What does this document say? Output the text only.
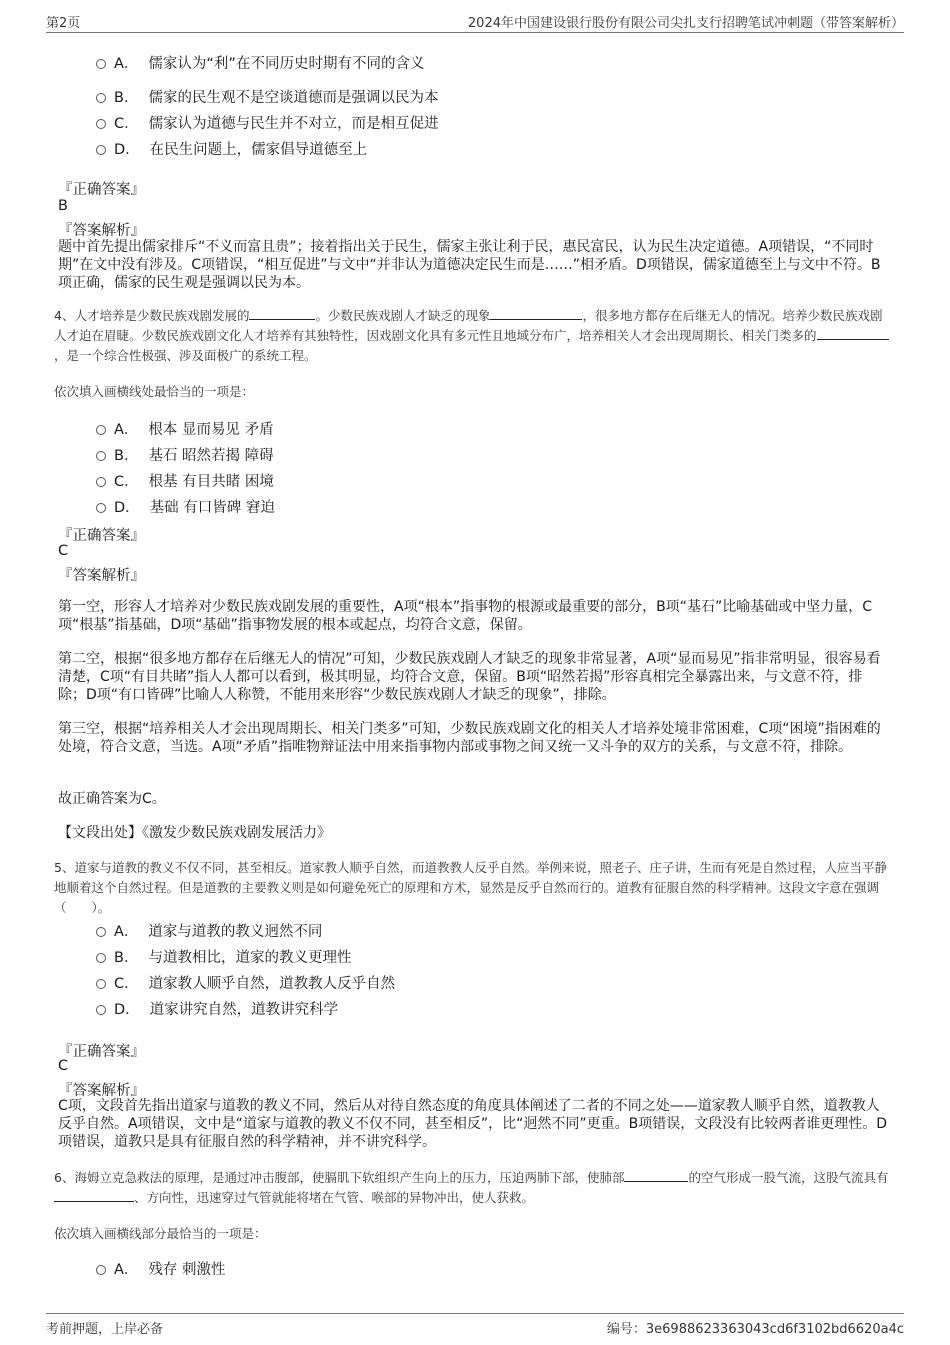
第2页	2024年中国建设银行股份有限公司尖扎支行招聘笔试冲刺题（带答案解析）
A． 儒家认为“利”在不同历史时期有不同的含义
B． 儒家的民生观不是空谈道德而是强调以民为本
C． 儒家认为道德与民生并不对立，而是相互促进
D． 在民生问题上，儒家倡导道德至上
『正确答案』
B
『答案解析』
题中首先提出儒家排斥“不义而富且贵”；接着指出关于民生，儒家主张让利于民，惠民富民，认为民生决定道德。A项错误，“不同时期”在文中没有涉及。C项错误，“相互促进”与文中“并非认为道德决定民生而是……”相矛盾。D项错误，儒家道德至上与文中不符。B项正确，儒家的民生观是强调以民为本。
4、人才培养是少数民族戏剧发展的	。少数民族戏剧人才缺乏的现象	，很多地方都存在后继无人的情况。培养少数民族戏剧人才迫在眉睫。少数民族戏剧文化人才培养有其独特性，因戏剧文化具有多元性且地域分布广，培养相关人才会出现周期长、相关门类多的，是一个综合性极强、涉及面极广的系统工程。
依次填入画横线处最恰当的一项是：
A． 根本 显而易见 矛盾
B． 基石 昭然若揭 障碍
C． 根基 有目共睹 困境
D． 基础 有口皆碑 窘迫
『正确答案』
C
『答案解析』
第一空，形容人才培养对少数民族戏剧发展的重要性，A项“根本”指事物的根源或最重要的部分，B项“基石”比喻基础或中坚力量，C项“根基”指基础，D项“基础”指事物发展的根本或起点，均符合文意，保留。
第二空，根据“很多地方都存在后继无人的情况”可知，少数民族戏剧人才缺乏的现象非常显著，A项“显而易见”指非常明显，很容易看清楚，C项“有目共睹”指人人都可以看到，极其明显，均符合文意，保留。B项“昭然若揭”形容真相完全暴露出来，与文意不符，排除；D项“有口皆碑”比喻人人称赞，不能用来形容“少数民族戏剧人才缺乏的现象”，排除。
第三空，根据“培养相关人才会出现周期长、相关门类多”可知，少数民族戏剧文化的相关人才培养处境非常困难，C项“困境”指困难的处境，符合文意，当选。A项“矛盾”指唯物辩证法中用来指事物内部或事物之间又统一又斗争的双方的关系，与文意不符，排除。
故正确答案为C。
【文段出处】《激发少数民族戏剧发展活力》
5、道家与道教的教义不仅不同，甚至相反。道家教人顺乎自然，而道教教人反乎自然。举例来说，照老子、庄子讲，生而有死是自然过程，人应当平静地顺着这个自然过程。但是道教的主要教义则是如何避免死亡的原理和方术，显然是反乎自然而行的。道教有征服自然的科学精神。这段文字意在强调（　　）。
A． 道家与道教的教义迥然不同
B． 与道教相比，道家的教义更理性
C． 道家教人顺乎自然，道教教人反乎自然
D． 道家讲究自然，道教讲究科学
『正确答案』
C
『答案解析』
C项，文段首先指出道家与道教的教义不同，然后从对待自然态度的角度具体阐述了二者的不同之处——道家教人顺乎自然，道教教人反乎自然。A项错误，文中是“道家与道教的教义不仅不同，甚至相反”，比“迥然不同”更重。B项错误，文段没有比较两者谁更理性。D项错误，道教只是具有征服自然的科学精神，并不讲究科学。
6、海姆立克急救法的原理，是通过冲击腹部，使膈肌下软组织产生向上的压力，压迫两肺下部，使肺部	的空气形成一股气流，这股气流具有、方向性，迅速穿过气管就能将堵在气管、喉部的异物冲出，使人获救。
依次填入画横线部分最恰当的一项是：
A． 残存 刺激性
考前押题，上岸必备	编号：3e6988623363043cd6f3102bd6620a4c
